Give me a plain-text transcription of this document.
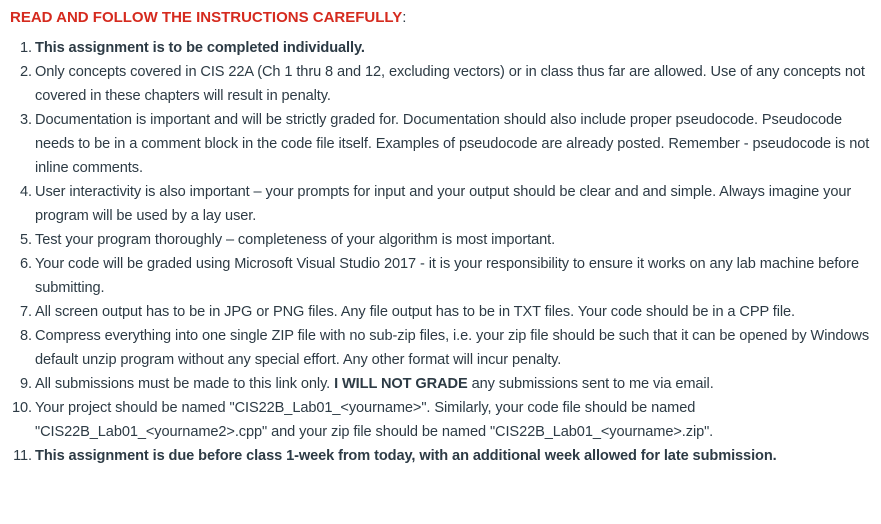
READ AND FOLLOW THE INSTRUCTIONS CAREFULLY:
1. This assignment is to be completed individually.
2. Only concepts covered in CIS 22A (Ch 1 thru 8 and 12, excluding vectors) or in class thus far are allowed. Use of any concepts not covered in these chapters will result in penalty.
3. Documentation is important and will be strictly graded for. Documentation should also include proper pseudocode. Pseudocode needs to be in a comment block in the code file itself. Examples of pseudocode are already posted. Remember - pseudocode is not inline comments.
4. User interactivity is also important – your prompts for input and your output should be clear and and simple. Always imagine your program will be used by a lay user.
5. Test your program thoroughly – completeness of your algorithm is most important.
6. Your code will be graded using Microsoft Visual Studio 2017 - it is your responsibility to ensure it works on any lab machine before submitting.
7. All screen output has to be in JPG or PNG files. Any file output has to be in TXT files. Your code should be in a CPP file.
8. Compress everything into one single ZIP file with no sub-zip files, i.e. your zip file should be such that it can be opened by Windows default unzip program without any special effort. Any other format will incur penalty.
9. All submissions must be made to this link only. I WILL NOT GRADE any submissions sent to me via email.
10. Your project should be named "CIS22B_Lab01_<yourname>". Similarly, your code file should be named "CIS22B_Lab01_<yourname2>.cpp" and your zip file should be named "CIS22B_Lab01_<yourname>.zip".
11. This assignment is due before class 1-week from today, with an additional week allowed for late submission.
